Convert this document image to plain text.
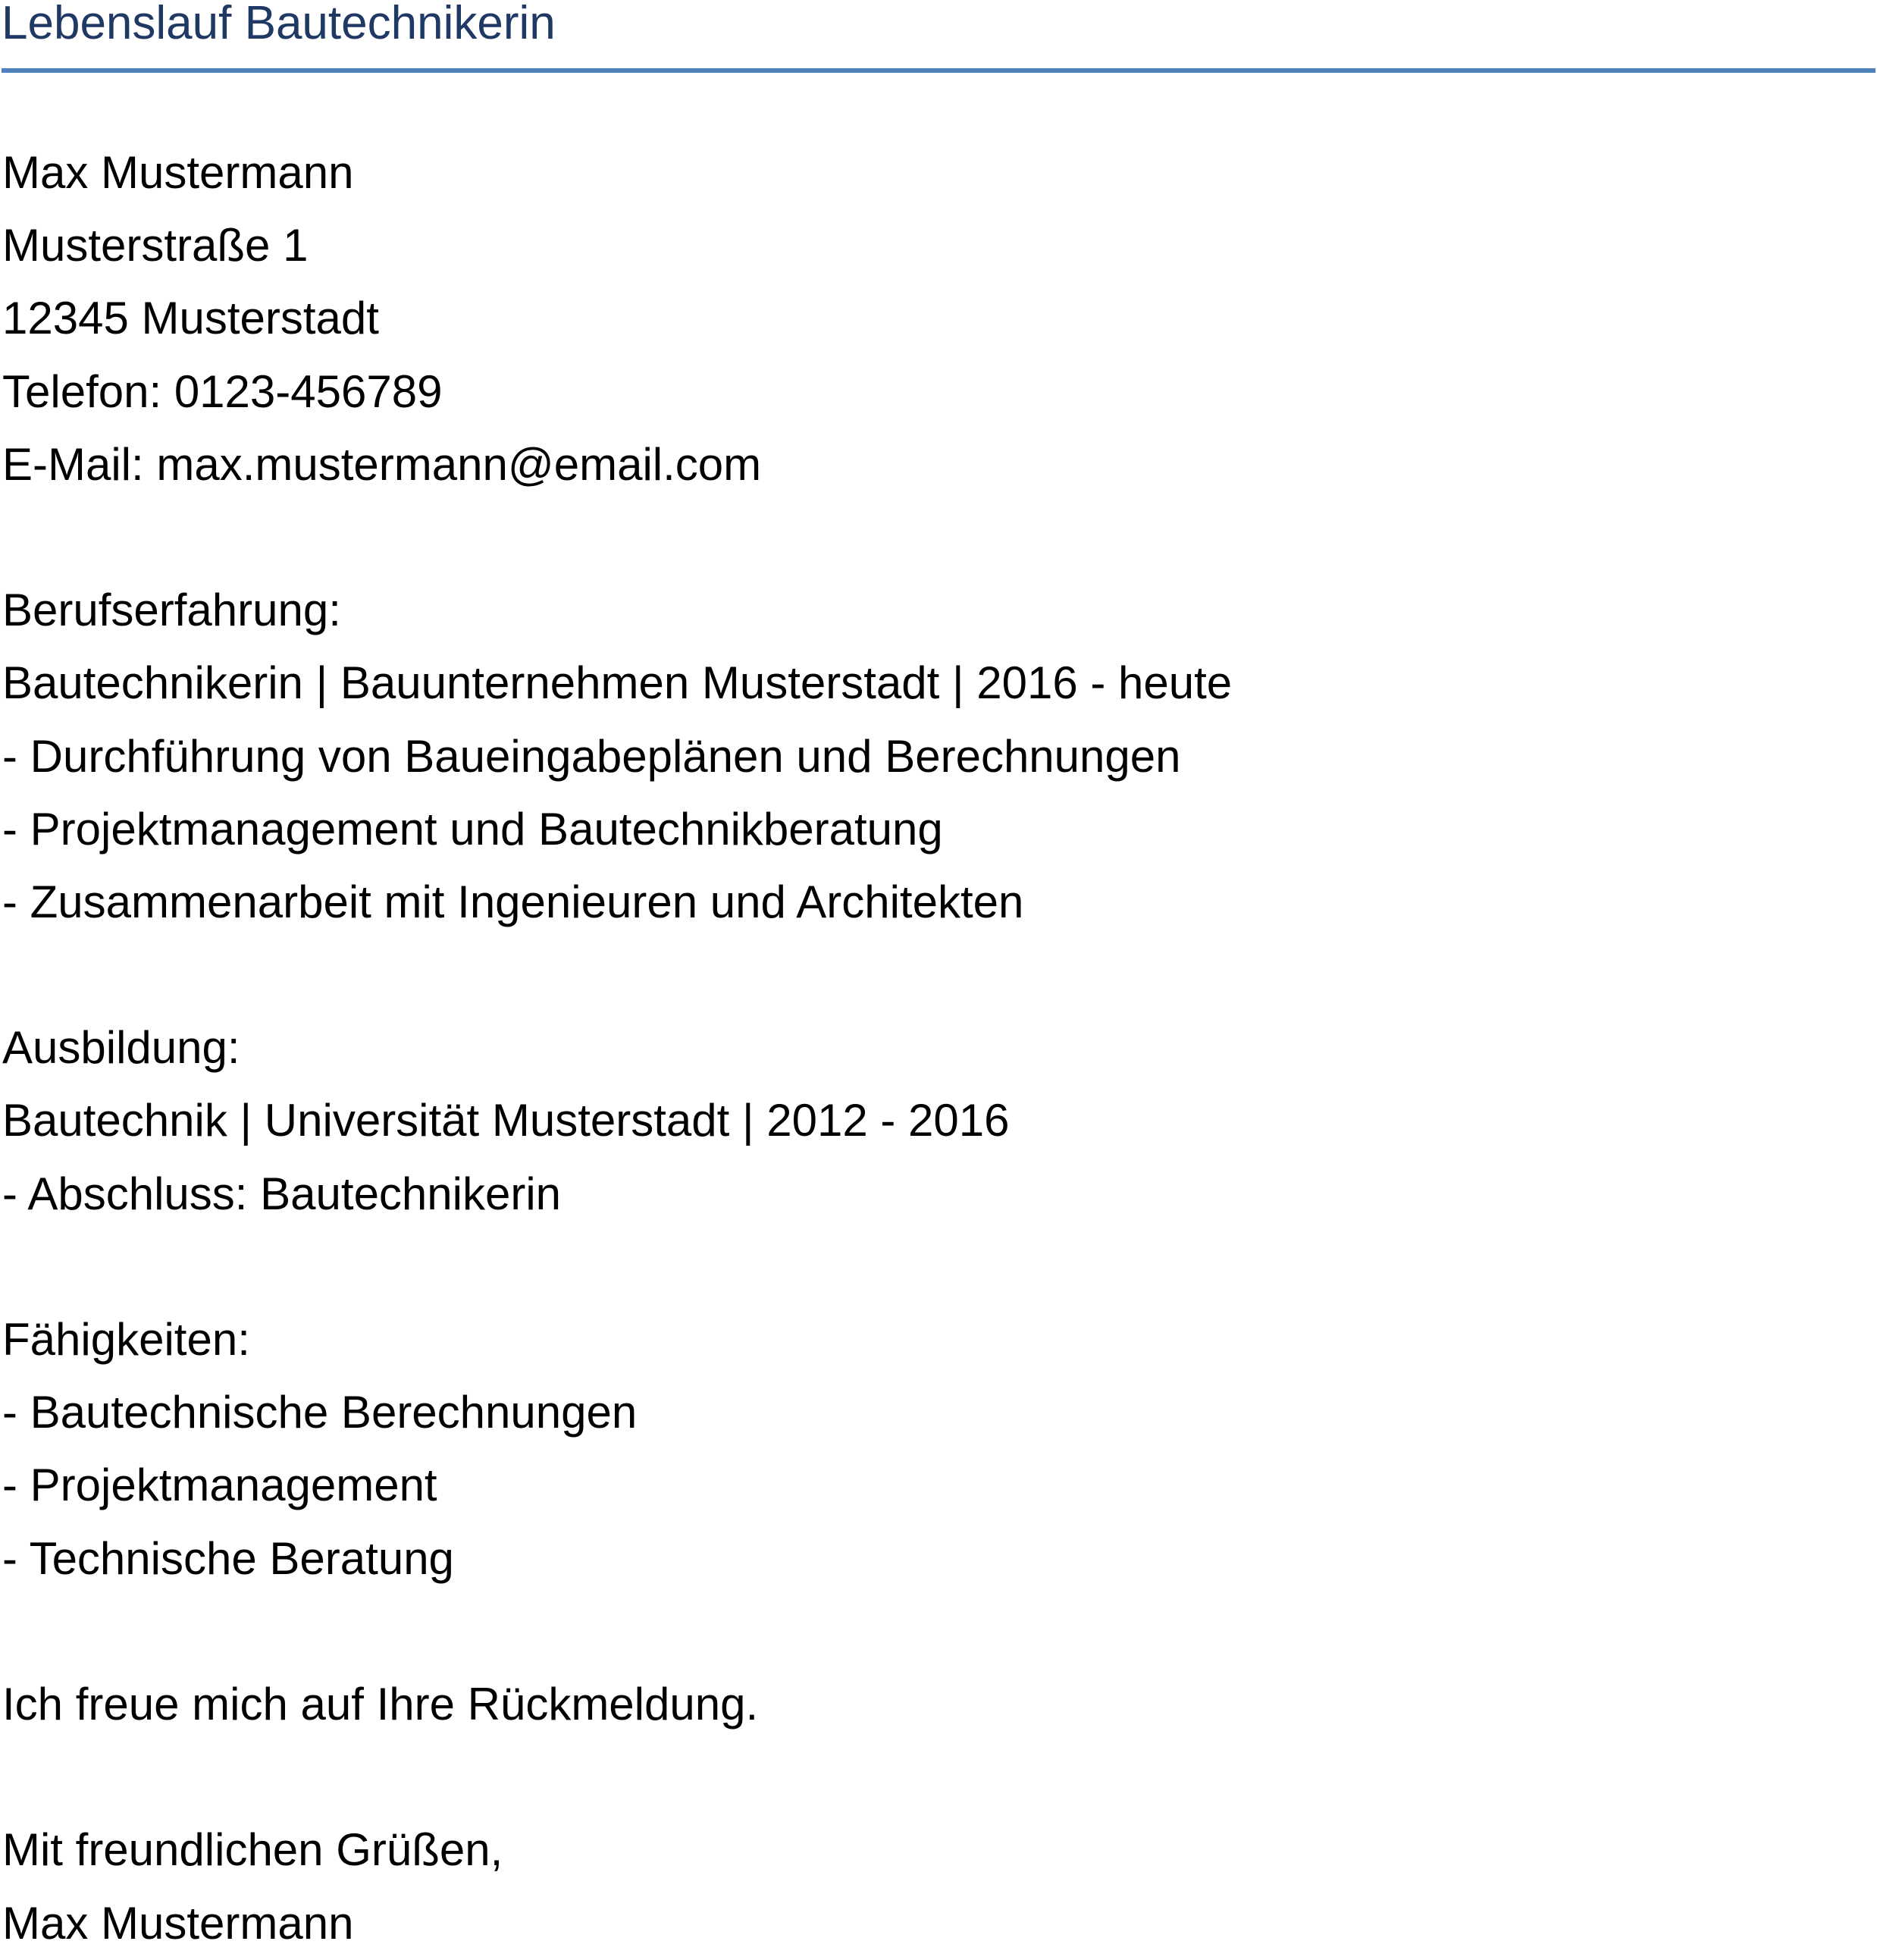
Lebenslauf Bautechnikerin
Max Mustermann
Musterstraße 1
12345 Musterstadt
Telefon: 0123-456789
E-Mail: max.mustermann@email.com
Berufserfahrung:
Bautechnikerin | Bauunternehmen Musterstadt | 2016 - heute
- Durchführung von Baueingabeplänen und Berechnungen
- Projektmanagement und Bautechnikberatung
- Zusammenarbeit mit Ingenieuren und Architekten
Ausbildung:
Bautechnik | Universität Musterstadt | 2012 - 2016
- Abschluss: Bautechnikerin
Fähigkeiten:
- Bautechnische Berechnungen
- Projektmanagement
- Technische Beratung
Ich freue mich auf Ihre Rückmeldung.
Mit freundlichen Grüßen,
Max Mustermann
